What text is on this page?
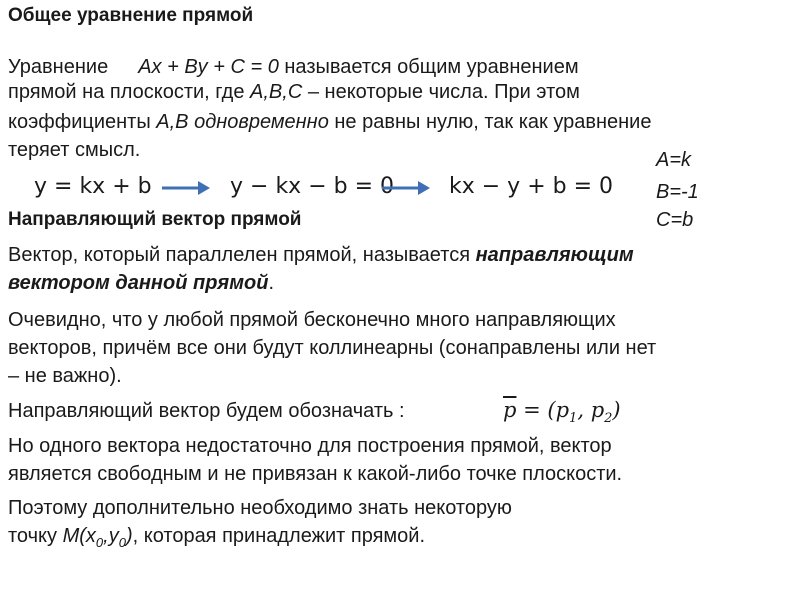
Общее уравнение прямой
Уравнение Ax + By + C = 0 называется общим уравнением
прямой на плоскости, где A,B,C – некоторые числа. При этом
коэффициенты A,B одновременно не равны нулю, так как уравнение
теряет смысл.	A=k
B=-1
C=b
y = kx + b	y − kx − b = 0 kx − y + b = 0
Направляющий вектор прямой
Вектор, который параллелен прямой, называется направляющим
вектором данной прямой.
Очевидно, что у любой прямой бесконечно много направляющих
векторов, причём все они будут коллинеарны (сонаправлены или нет
– не важно).
Направляющий вектор будем обозначать :	$\overline{p} = (p_1$, $p_2$)
Но одного вектора недостаточно для построения прямой, вектор
является свободным и не привязан к какой-либо точке плоскости.
Поэтому дополнительно необходимо знать некоторую
точку $M(x_0,y_0)$, которая принадлежит прямой.
